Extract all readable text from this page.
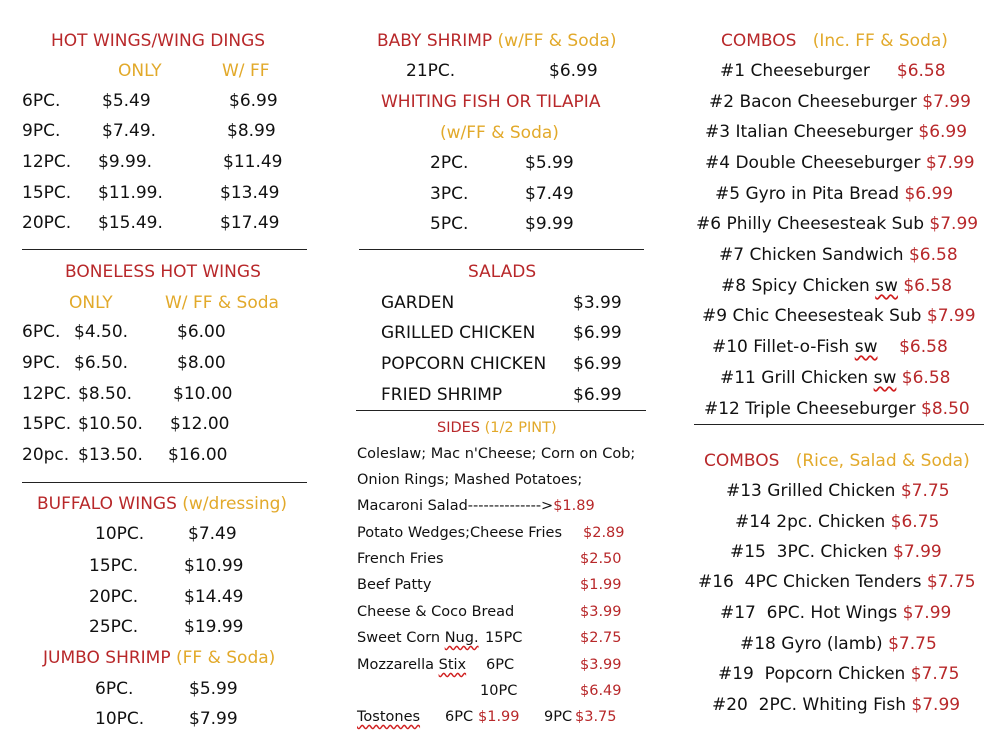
HOT WINGS/WING DINGS
ONLY	W/ FF
6PC. $5.49	$6.99
9PC. $7.49.	$8.99
12PC. $9.99.	$11.49
15PC. $11.99.	$13.49
20PC. $15.49.	$17.49
BONELESS HOT WINGS
ONLY	W/ FF & Soda
6PC. $4.50.	$6.00
9PC. $6.50.	$8.00
12PC. $8.50. $10.00
15PC. $10.50. $12.00
20pc. $13.50. $16.00
BUFFALO WINGS (w/dressing)
10PC.	$7.49
15PC.	$10.99
20PC.	$14.49
25PC.	$19.99
JUMBO SHRIMP (FF & Soda)
6PC.	$5.99
10PC.	$7.99
BABY SHRIMP (w/FF & Soda)
21PC.	$6.99
WHITING FISH OR TILAPIA
(w/FF & Soda)
2PC.	$5.99
3PC.	$7.49
5PC.	$9.99
SALADS
GARDEN	$3.99
GRILLED CHICKEN $6.99
POPCORN CHICKEN $6.99
FRIED SHRIMP	$6.99
SIDES (1/2 PINT)
Coleslaw; Mac n'Cheese; Corn on Cob;
Onion Rings; Mashed Potatoes;
Macaroni Salad-------------->$1.89
Potato Wedges;Cheese Fries $2.89
French Fries	$2.50
Beef Patty	$1.99
Cheese & Coco Bread	$3.99
Sweet Corn Nug. 15PC	$2.75
Mozzarella Stix 6PC	$3.99
10PC	$6.49
Tostones 6PC $1.99 9PC $3.75
COMBOS (Inc. FF & Soda)
#1 Cheeseburger $6.58
#2 Bacon Cheeseburger $7.99
#3 Italian Cheeseburger $6.99
#4 Double Cheeseburger $7.99
#5 Gyro in Pita Bread $6.99
#6 Philly Cheesesteak Sub $7.99
#7 Chicken Sandwich $6.58
#8 Spicy Chicken sw $6.58
#9 Chic Cheesesteak Sub $7.99
#10 Fillet-o-Fish sw $6.58
#11 Grill Chicken sw $6.58
#12 Triple Cheeseburger $8.50
COMBOS (Rice, Salad & Soda)
#13 Grilled Chicken $7.75
#14 2pc. Chicken $6.75
#15  3PC. Chicken $7.99
#16  4PC Chicken Tenders $7.75
#17  6PC. Hot Wings $7.99
#18 Gyro (lamb) $7.75
#19  Popcorn Chicken $7.75
#20  2PC. Whiting Fish $7.99
